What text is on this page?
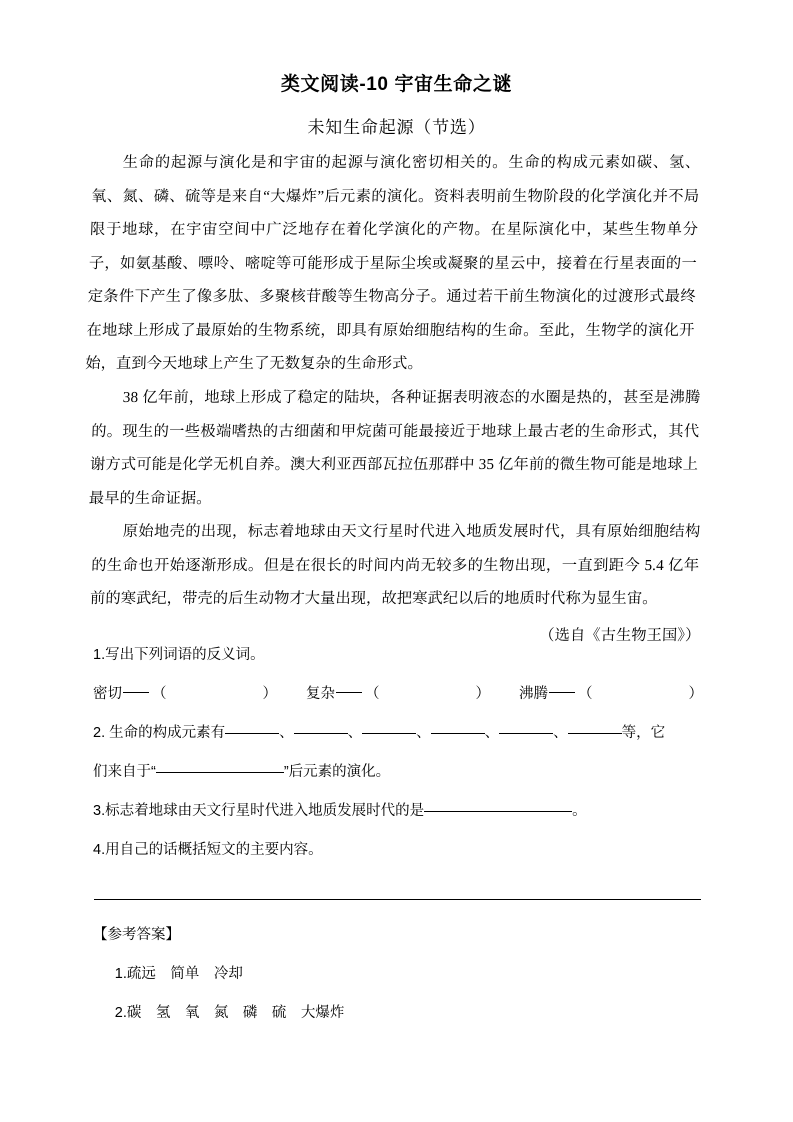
类文阅读-10 宇宙生命之谜
未知生命起源（节选）

生命的起源与演化是和宇宙的起源与演化密切相关的。生命的构成元素如碳、氢、氧、氮、磷、硫等是来自“大爆炸”后元素的演化。资料表明前生物阶段的化学演化并不局限于地球，在宇宙空间中广泛地存在着化学演化的产物。在星际演化中，某些生物单分子，如氨基酸、嘌呤、嘧啶等可能形成于星际尘埃或凝聚的星云中，接着在行星表面的一定条件下产生了像多肽、多聚核苷酸等生物高分子。通过若干前生物演化的过渡形式最终在地球上形成了最原始的生物系统，即具有原始细胞结构的生命。至此，生物学的演化开始，直到今天地球上产生了无数复杂的生命形式。

38 亿年前，地球上形成了稳定的陆块，各种证据表明液态的水圈是热的，甚至是沸腾的。现生的一些极端嗜热的古细菌和甲烷菌可能最接近于地球上最古老的生命形式，其代谢方式可能是化学无机自养。澳大利亚西部瓦拉伍那群中 35 亿年前的微生物可能是地球上最早的生命证据。

原始地壳的出现，标志着地球由天文行星时代进入地质发展时代，具有原始细胞结构的生命也开始逐渐形成。但是在很长的时间内尚无较多的生物出现，一直到距今 5.4 亿年前的寒武纪，带壳的后生动物才大量出现，故把寒武纪以后的地质时代称为显生宙。

（选自《古生物王国》）
1.写出下列词语的反义词。
密切 （	） 复杂 （	） 沸腾 （	）
2. 生命的构成元素有	、	、	、	、	、	等，它
们来自于“	”后元素的演化。
3.标志着地球由天文行星时代进入地质发展时代的是	。
4.用自己的话概括短文的主要内容。

【参考答案】

1.疏远　简单　冷却

2.碳　氢　氧　氮　磷　硫　大爆炸
